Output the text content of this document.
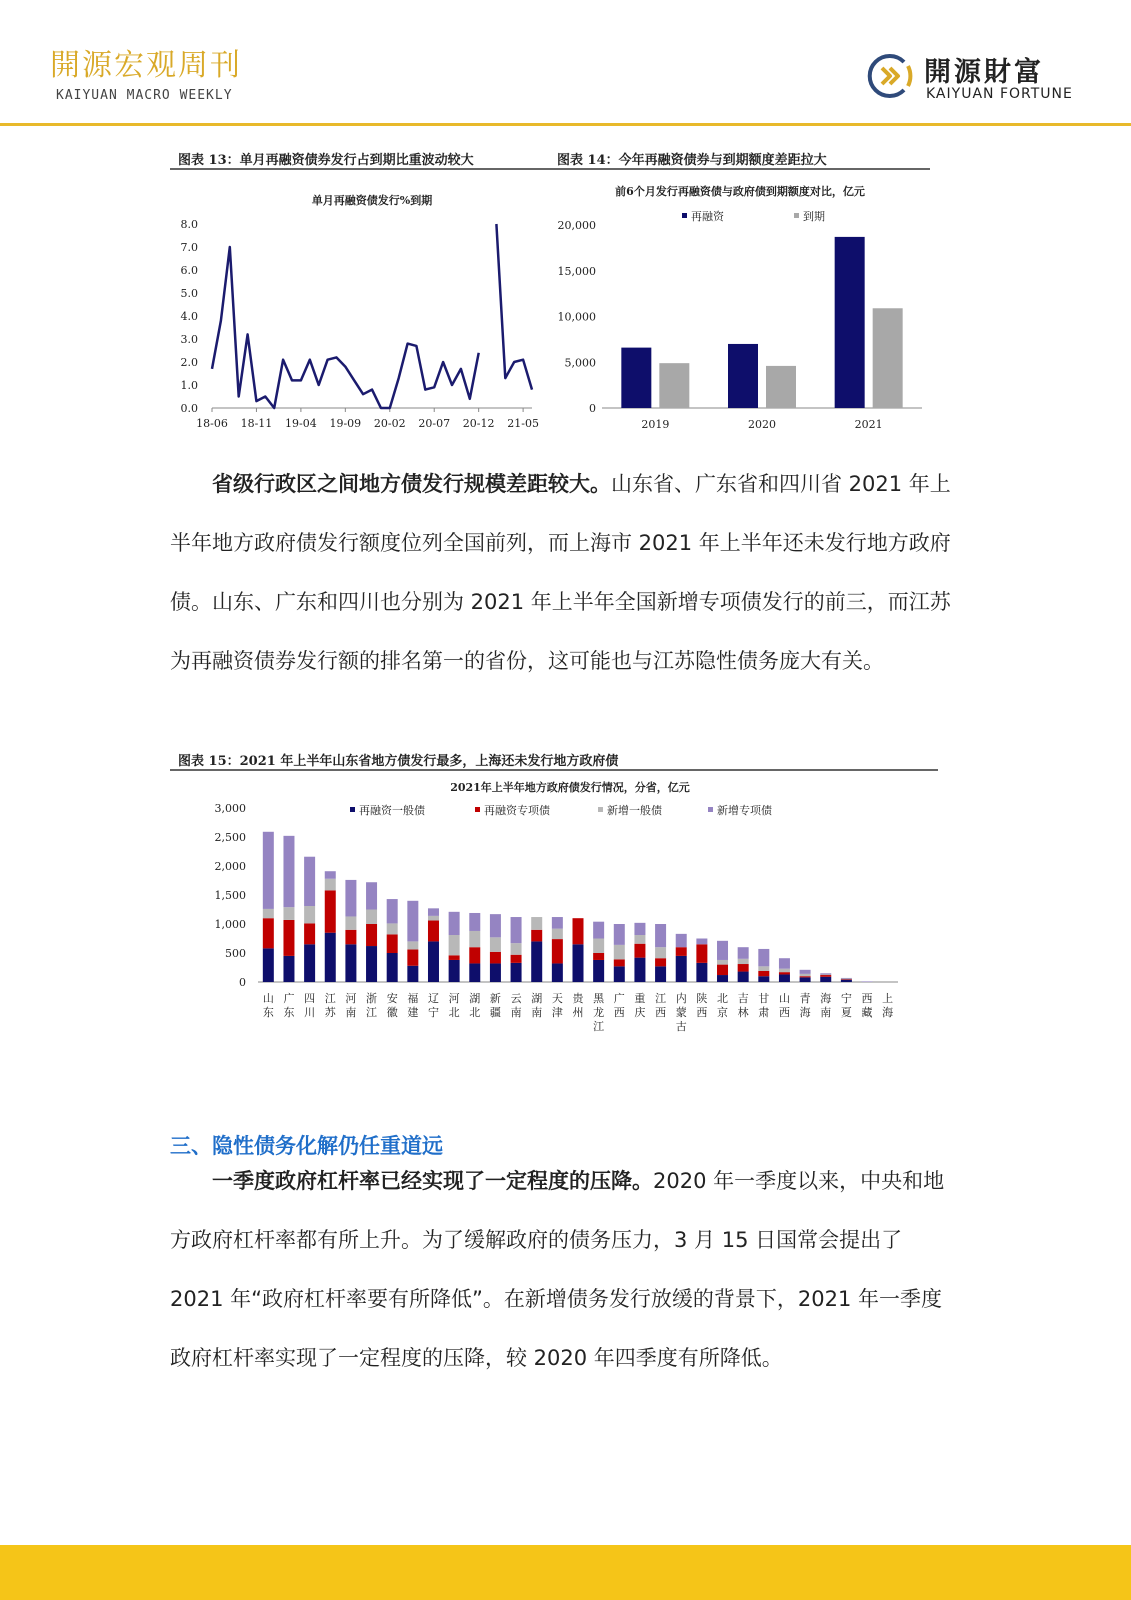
開源宏观周刊
KAIYUAN MACRO WEEKLY
開源財富
KAIYUAN FORTUNE
图表 13：单月再融资债券发行占到期比重波动较大	图表 14：今年再融资债券与到期额度差距拉大
单月再融资债发行%到期
0.0
1.0
2.0
3.0
4.0
5.0
6.0
7.0
8.0
18-06 18-11 19-04 19-09 20-02 20-07 20-12 21-05
前6个月发行再融资债与政府债到期额度对比，亿元
再融资	到期
0
5,000
10,000
15,000
20,000
2019	2020	2021
省级行政区之间地方债发行规模差距较大。山东省、广东省和四川省 2021 年上半年地方政府债发行额度位列全国前列，而上海市 2021 年上半年还未发行地方政府债。山东、广东和四川也分别为 2021 年上半年全国新增专项债发行的前三，而江苏为再融资债券发行额的排名第一的省份，这可能也与江苏隐性债务庞大有关。
图表 15：2021 年上半年山东省地方债发行最多，上海还未发行地方政府债
2021年上半年地方政府债发行情况，分省，亿元
再融资一般债	再融资专项债	新增一般债	新增专项债
0
500
1,000
1,500
2,000
2,500
3,000
山东
广东
四川
江苏
河南
浙江
安徽
福建
辽宁
河北
湖北
新疆
云南
湖南
天津
贵州
黑龙江
广西
重庆
江西
内蒙古
陕西
北京
吉林
甘肃
山西
青海
海南
宁夏
西藏
上海
三、隐性债务化解仍任重道远
一季度政府杠杆率已经实现了一定程度的压降。2020 年一季度以来，中央和地方政府杠杆率都有所上升。为了缓解政府的债务压力，3 月 15 日国常会提出了 2021 年“政府杠杆率要有所降低”。在新增债务发行放缓的背景下，2021 年一季度政府杠杆率实现了一定程度的压降，较 2020 年四季度有所降低。
